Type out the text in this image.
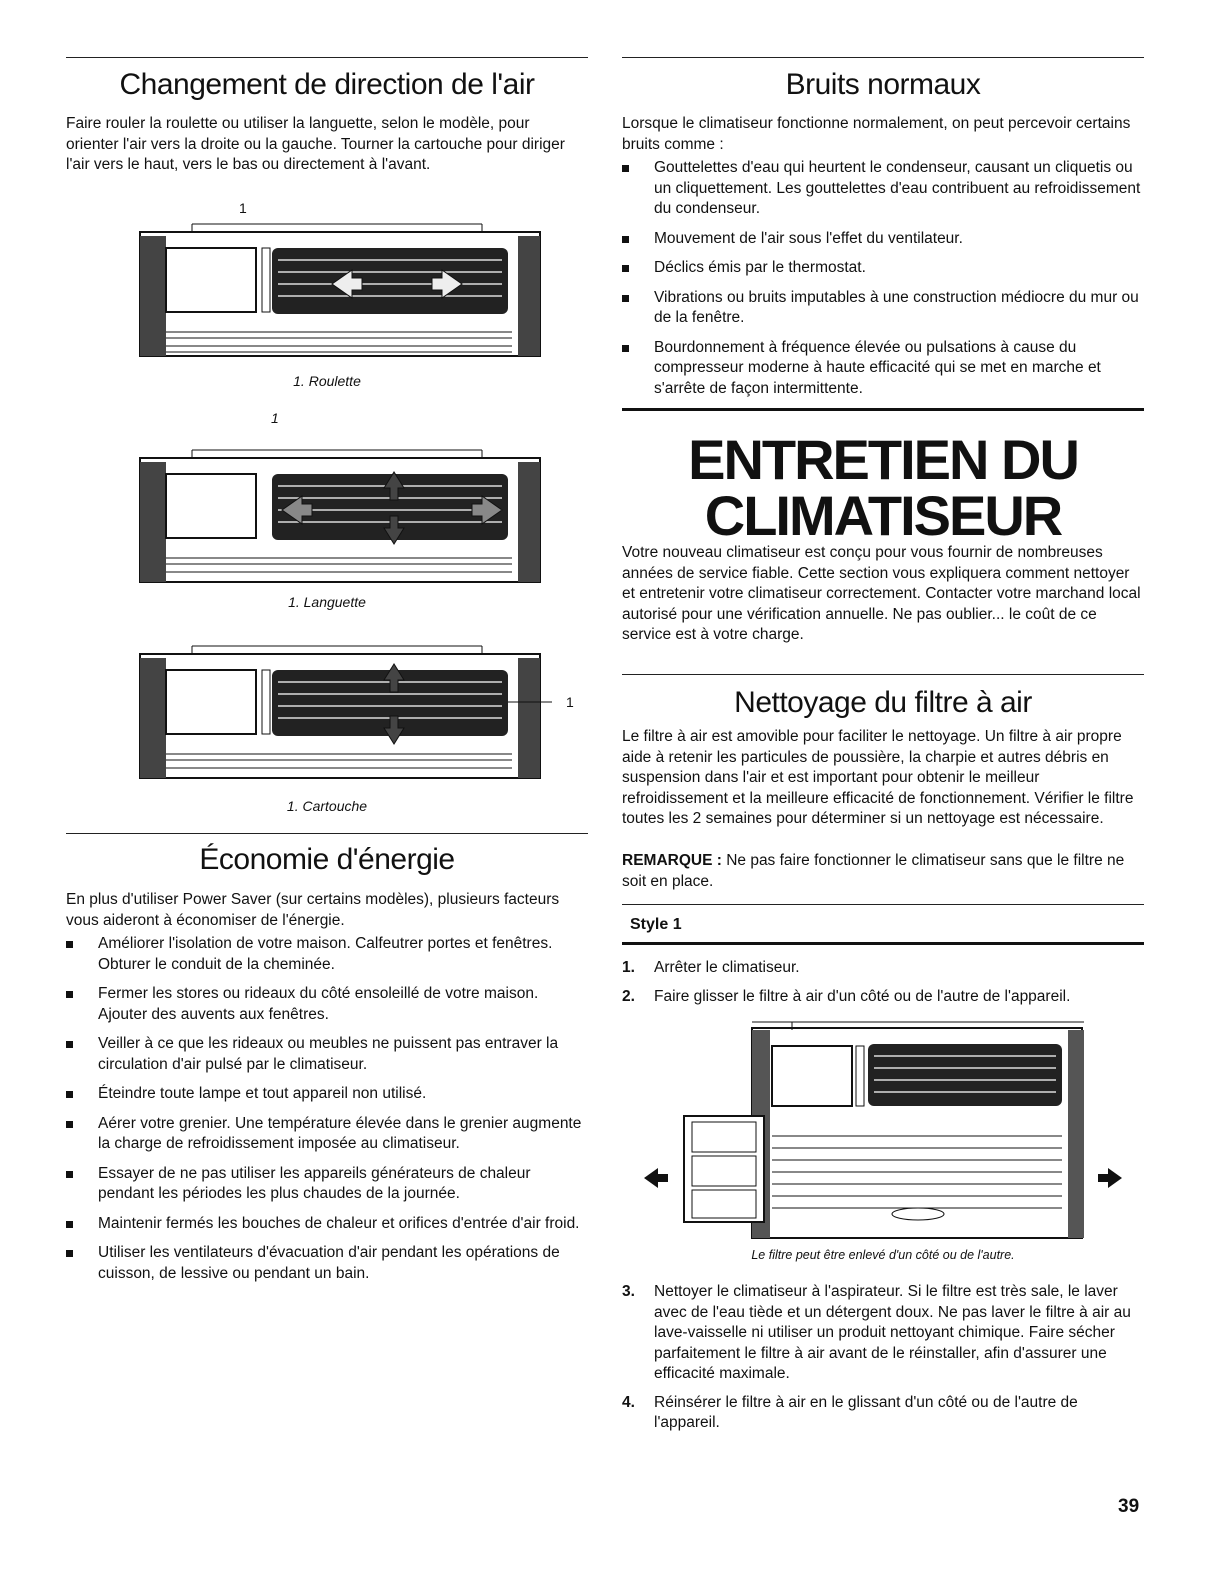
Changement de direction de l'air

Faire rouler la roulette ou utiliser la languette, selon le modèle, pour orienter l'air vers la droite ou la gauche. Tourner la cartouche pour diriger l'air vers le haut, vers le bas ou directement à l'avant.

1
1. Roulette
1
1. Languette
1
1. Cartouche
Économie d'énergie

En plus d'utiliser Power Saver (sur certains modèles), plusieurs facteurs vous aideront à économiser de l'énergie.

Améliorer l'isolation de votre maison. Calfeutrer portes et fenêtres. Obturer le conduit de la cheminée.
Fermer les stores ou rideaux du côté ensoleillé de votre maison. Ajouter des auvents aux fenêtres.
Veiller à ce que les rideaux ou meubles ne puissent pas entraver la circulation d'air pulsé par le climatiseur.
Éteindre toute lampe et tout appareil non utilisé.
Aérer votre grenier. Une température élevée dans le grenier augmente la charge de refroidissement imposée au climatiseur.
Essayer de ne pas utiliser les appareils générateurs de chaleur pendant les périodes les plus chaudes de la journée.
Maintenir fermés les bouches de chaleur et orifices d'entrée d'air froid.
Utiliser les ventilateurs d'évacuation d'air pendant les opérations de cuisson, de lessive ou pendant un bain.
Bruits normaux

Lorsque le climatiseur fonctionne normalement, on peut percevoir certains bruits comme :

Gouttelettes d'eau qui heurtent le condenseur, causant un cliquetis ou un cliquettement. Les gouttelettes d'eau contribuent au refroidissement du condenseur.
Mouvement de l'air sous l'effet du ventilateur.
Déclics émis par le thermostat.
Vibrations ou bruits imputables à une construction médiocre du mur ou de la fenêtre.
Bourdonnement à fréquence élevée ou pulsations à cause du compresseur moderne à haute efficacité qui se met en marche et s'arrête de façon intermittente.
ENTRETIEN DU
CLIMATISEUR

Votre nouveau climatiseur est conçu pour vous fournir de nombreuses années de service fiable. Cette section vous expliquera comment nettoyer et entretenir votre climatiseur correctement. Contacter votre marchand local autorisé pour une vérification annuelle. Ne pas oublier... le coût de ce service est à votre charge.

Nettoyage du filtre à air

Le filtre à air est amovible pour faciliter le nettoyage. Un filtre à air propre aide à retenir les particules de poussière, la charpie et autres débris en suspension dans l'air et est important pour obtenir le meilleur refroidissement et la meilleure efficacité de fonctionnement. Vérifier le filtre toutes les 2 semaines pour déterminer si un nettoyage est nécessaire.

REMARQUE : Ne pas faire fonctionner le climatiseur sans que le filtre ne soit en place.

Style 1
1. Arrêter le climatiseur.
2. Faire glisser le filtre à air d'un côté ou de l'autre de l'appareil.
Le filtre peut être enlevé d'un côté ou de l'autre.
3. Nettoyer le climatiseur à l'aspirateur. Si le filtre est très sale, le laver avec de l'eau tiède et un détergent doux. Ne pas laver le filtre à air au lave-vaisselle ni utiliser un produit nettoyant chimique. Faire sécher parfaitement le filtre à air avant de le réinstaller, afin d'assurer une efficacité maximale.
4. Réinsérer le filtre à air en le glissant d'un côté ou de l'autre de l'appareil.
39
